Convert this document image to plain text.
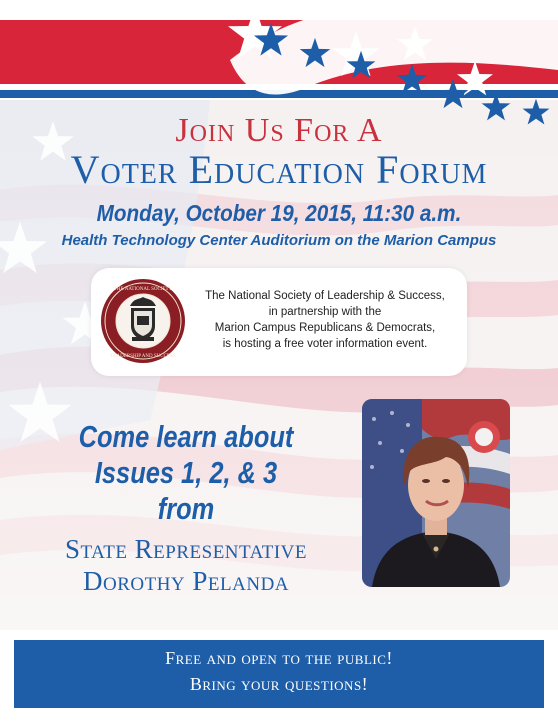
Join Us For A
Voter Education Forum
Monday, October 19, 2015, 11:30 a.m.
Health Technology Center Auditorium on the Marion Campus
THE NATIONAL SOCIETY
LEADERSHIP AND SUCCESS
The National Society of Leadership & Success,
in partnership with the
Marion Campus Republicans & Democrats,
is hosting a free voter information event.
Come learn about
Issues 1, 2, & 3
from
State Representative
Dorothy Pelanda
Free and open to the public!
Bring your questions!
